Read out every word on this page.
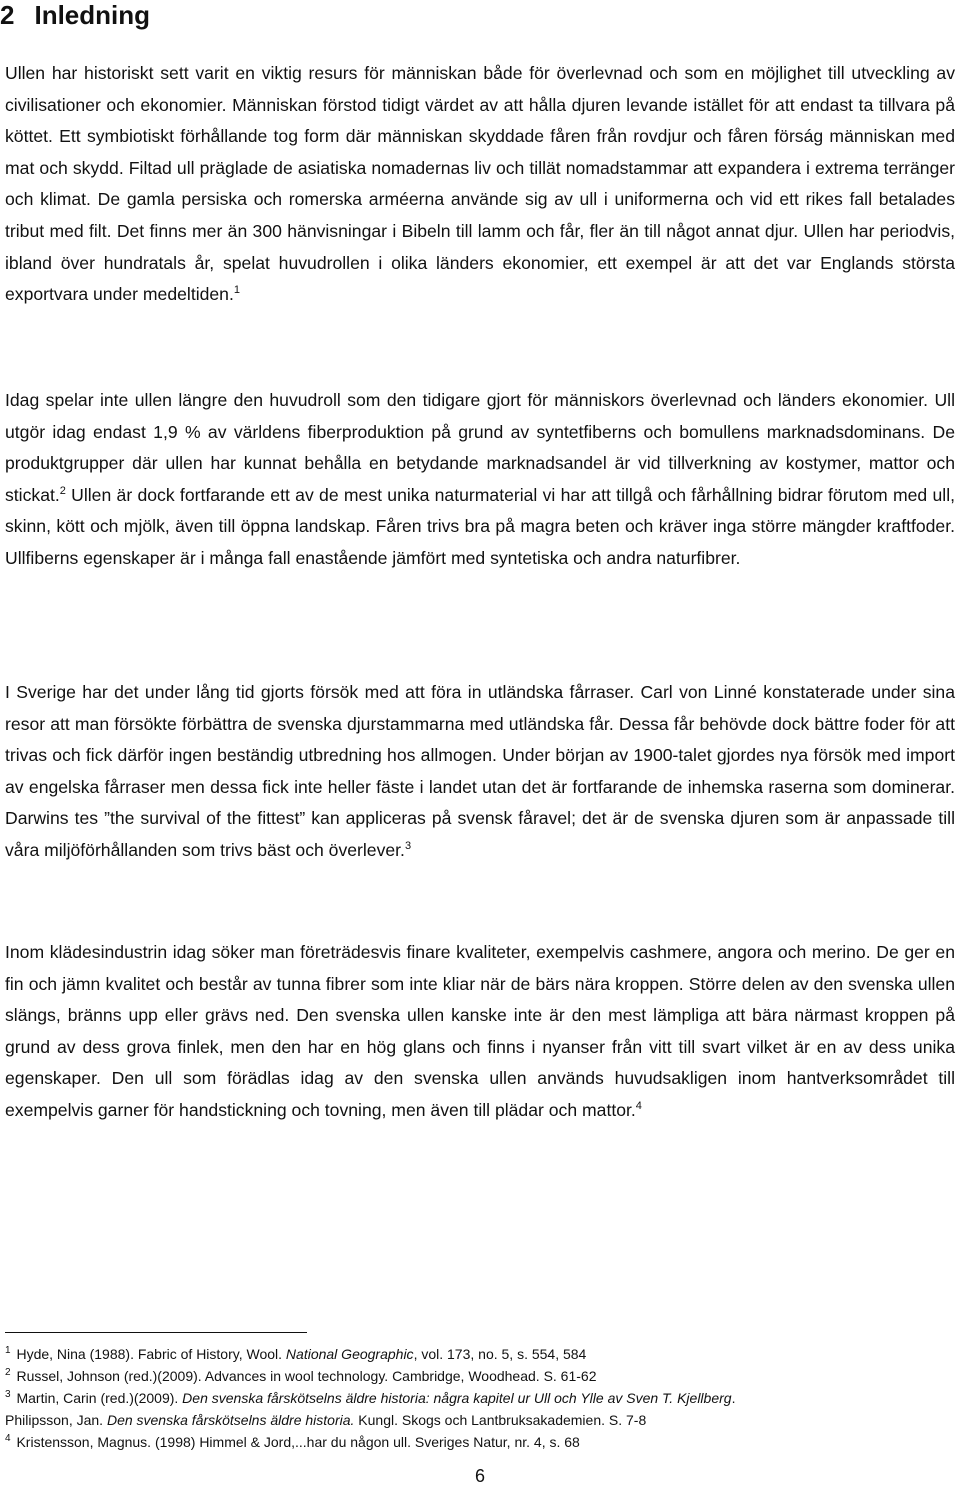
2 Inledning

Ullen har historiskt sett varit en viktig resurs för människan både för överlevnad och som en möjlighet till utveckling av civilisationer och ekonomier. Människan förstod tidigt värdet av att hålla djuren levande istället för att endast ta tillvara på köttet. Ett symbiotiskt förhållande tog form där människan skyddade fåren från rovdjur och fåren förság människan med mat och skydd. Filtad ull präglade de asiatiska nomadernas liv och tillät nomadstammar att expandera i extrema terränger och klimat. De gamla persiska och romerska arméerna använde sig av ull i uniformerna och vid ett rikes fall betalades tribut med filt. Det finns mer än 300 hänvisningar i Bibeln till lamm och får, fler än till något annat djur. Ullen har periodvis, ibland över hundratals år, spelat huvudrollen i olika länders ekonomier, ett exempel är att det var Englands största exportvara under medeltiden.$^1$

Idag spelar inte ullen längre den huvudroll som den tidigare gjort för människors överlevnad och länders ekonomier. Ull utgör idag endast 1,9 % av världens fiberproduktion på grund av syntetfiberns och bomullens marknadsdominans. De produktgrupper där ullen har kunnat behålla en betydande marknadsandel är vid tillverkning av kostymer, mattor och stickat.$^2$ Ullen är dock fortfarande ett av de mest unika naturmaterial vi har att tillgå och fårhållning bidrar förutom med ull, skinn, kött och mjölk, även till öppna landskap. Fåren trivs bra på magra beten och kräver inga större mängder kraftfoder. Ullfiberns egenskaper är i många fall enastående jämfört med syntetiska och andra naturfibrer.

I Sverige har det under lång tid gjorts försök med att föra in utländska fårraser. Carl von Linné konstaterade under sina resor att man försökte förbättra de svenska djurstammarna med utländska får. Dessa får behövde dock bättre foder för att trivas och fick därför ingen beständig utbredning hos allmogen. Under början av 1900-talet gjordes nya försök med import av engelska fårraser men dessa fick inte heller fäste i landet utan det är fortfarande de inhemska raserna som dominerar. Darwins tes ”the survival of the fittest” kan appliceras på svensk fåravel; det är de svenska djuren som är anpassade till våra miljöförhållanden som trivs bäst och överlever.$^3$

Inom klädesindustrin idag söker man företrädesvis finare kvaliteter, exempelvis cashmere, angora och merino. De ger en fin och jämn kvalitet och består av tunna fibrer som inte kliar när de bärs nära kroppen. Större delen av den svenska ullen slängs, bränns upp eller grävs ned. Den svenska ullen kanske inte är den mest lämpliga att bära närmast kroppen på grund av dess grova finlek, men den har en hög glans och finns i nyanser från vitt till svart vilket är en av dess unika egenskaper. Den ull som förädlas idag av den svenska ullen används huvudsakligen inom hantverksområdet till exempelvis garner för handstickning och tovning, men även till plädar och mattor.$^4$

$^1$ Hyde, Nina (1988). Fabric of History, Wool. National Geographic, vol. 173, no. 5, s. 554, 584
$^2$ Russel, Johnson (red.)(2009). Advances in wool technology. Cambridge, Woodhead. S. 61-62
$^3$ Martin, Carin (red.)(2009). Den svenska fårskötselns äldre historia: några kapitel ur Ull och Ylle av Sven T. Kjellberg.
Philipsson, Jan. Den svenska fårskötselns äldre historia. Kungl. Skogs och Lantbruksakademien. S. 7-8
$^4$ Kristensson, Magnus. (1998) Himmel & Jord,...har du någon ull. Sveriges Natur, nr. 4, s. 68
6
